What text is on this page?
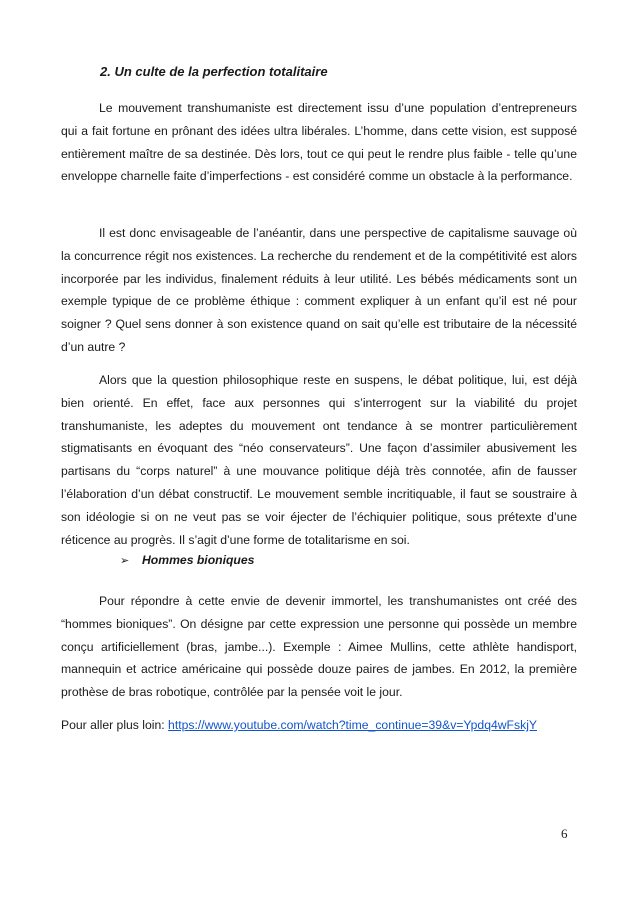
2. Un culte de la perfection totalitaire

Le mouvement transhumaniste est directement issu d’une population d’entrepreneurs qui a fait fortune en prônant des idées ultra libérales. L’homme, dans cette vision, est supposé entièrement maître de sa destinée. Dès lors, tout ce qui peut le rendre plus faible - telle qu’une enveloppe charnelle faite d’imperfections - est considéré comme un obstacle à la performance.

Il est donc envisageable de l’anéantir, dans une perspective de capitalisme sauvage où la concurrence régit nos existences. La recherche du rendement et de la compétitivité est alors incorporée par les individus, finalement réduits à leur utilité. Les bébés médicaments sont un exemple typique de ce problème éthique : comment expliquer à un enfant qu’il est né pour soigner ? Quel sens donner à son existence quand on sait qu’elle est tributaire de la nécessité d’un autre ?

Alors que la question philosophique reste en suspens, le débat politique, lui, est déjà bien orienté. En effet, face aux personnes qui s’interrogent sur la viabilité du projet transhumaniste, les adeptes du mouvement ont tendance à se montrer particulièrement stigmatisants en évoquant des “néo conservateurs”. Une façon d’assimiler abusivement les partisans du “corps naturel” à une mouvance politique déjà très connotée, afin de fausser l’élaboration d’un débat constructif. Le mouvement semble incritiquable, il faut se soustraire à son idéologie si on ne veut pas se voir éjecter de l’échiquier politique, sous prétexte d’une réticence au progrès. Il s’agit d’une forme de totalitarisme en soi.

➢ Hommes bioniques

Pour répondre à cette envie de devenir immortel, les transhumanistes ont créé des “hommes bioniques”. On désigne par cette expression une personne qui possède un membre conçu artificiellement (bras, jambe...). Exemple : Aimee Mullins, cette athlète handisport, mannequin et actrice américaine qui possède douze paires de jambes. En 2012, la première prothèse de bras robotique, contrôlée par la pensée voit le jour.

Pour aller plus loin: https://www.youtube.com/watch?time_continue=39&v=Ypdq4wFskjY
6
